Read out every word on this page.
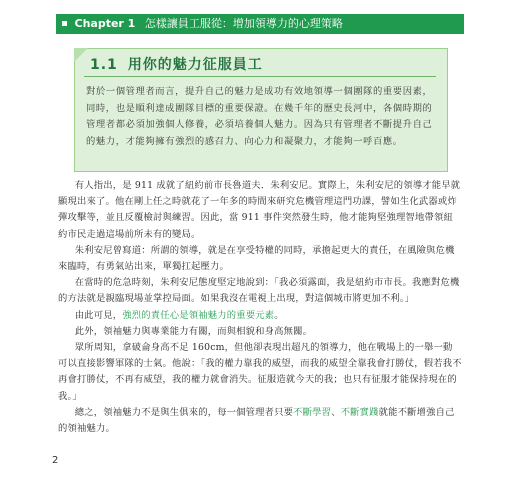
Chapter 1 怎樣讓員工服從：增加領導力的心理策略
1.1 用你的魅力征服員工

對於一個管理者而言，提升自己的魅力是成功有效地領導一個團隊的重要因素，同時，也是順利達成團隊目標的重要保證。在幾千年的歷史長河中，各個時期的管理者都必須加強個人修養，必須培養個人魅力。因為只有管理者不斷提升自己的魅力，才能夠擁有強烈的感召力、向心力和凝聚力，才能夠一呼百應。

有人指出，是 911 成就了紐約前市長魯道夫．朱利安尼。實際上，朱利安尼的領導才能早就顯現出來了。他在剛上任之時就花了一年多的時間來研究危機管理這門功課，譬如生化武器或炸彈攻擊等，並且反覆檢討與練習。因此，當 911 事件突然發生時，他才能夠堅強理智地帶領紐約市民走過這場前所未有的變局。

朱利安尼曾寫道：所謂的領導，就是在享受特權的同時，承擔起更大的責任，在風險與危機來臨時，有勇氣站出來，單獨扛起壓力。

在當時的危急時刻，朱利安尼態度堅定地說到：「我必須露面，我是紐約市市長。我應對危機的方法就是親臨現場並掌控局面。如果我沒在電視上出現，對這個城市將更加不利。」

由此可見，強烈的責任心是領袖魅力的重要元素。

此外，領袖魅力與專業能力有關，而與相貌和身高無關。

眾所周知，拿破侖身高不足 160cm，但他卻表現出超凡的領導力，他在戰場上的一舉一動可以直接影響軍隊的士氣。他說：「我的權力靠我的威望，而我的威望全靠我會打勝仗，假若我不再會打勝仗，不再有威望，我的權力就會消失。征服造就今天的我；也只有征服才能保持現在的我。」

總之，領袖魅力不是與生俱來的，每一個管理者只要不斷學習、不斷實踐就能不斷增強自己的領袖魅力。

2
